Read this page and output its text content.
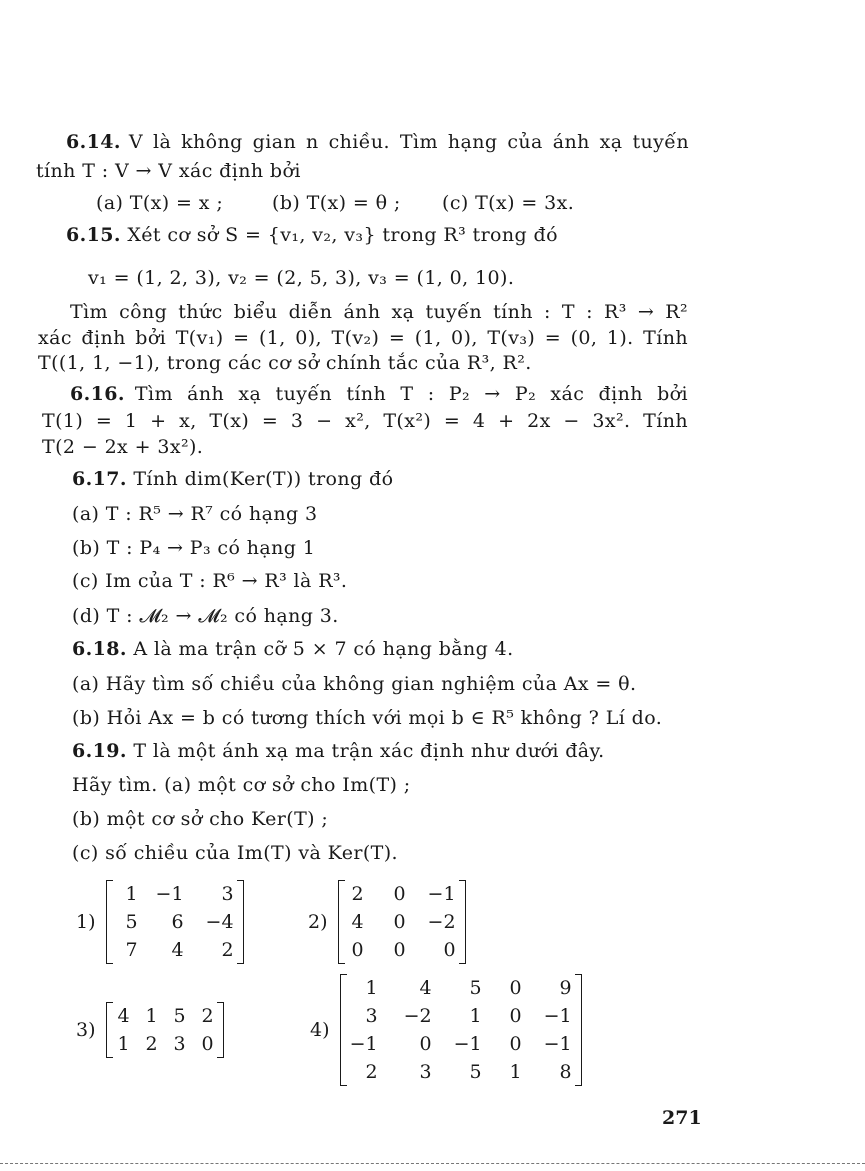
6.14. V là không gian n chiều. Tìm hạng của ánh xạ tuyến
tính T : V → V xác định bởi
(a) T(x) = x ;	(b) T(x) = θ ; (c) T(x) = 3x.
6.15. Xét cơ sở S = {v₁, v₂, v₃} trong R³ trong đó
v₁ = (1, 2, 3), v₂ = (2, 5, 3), v₃ = (1, 0, 10).
Tìm công thức biểu diễn ánh xạ tuyến tính : T : R³ → R²
xác định bởi T(v₁) = (1, 0), T(v₂) = (1, 0), T(v₃) = (0, 1). Tính
T((1, 1, −1), trong các cơ sở chính tắc của R³, R².
6.16. Tìm ánh xạ tuyến tính T : P₂ → P₂ xác định bởi
T(1) = 1 + x, T(x) = 3 − x², T(x²) = 4 + 2x − 3x². Tính
T(2 − 2x + 3x²).
6.17. Tính dim(Ker(T)) trong đó
(a) T : R⁵ → R⁷ có hạng 3
(b) T : P₄ → P₃ có hạng 1
(c) Im của T : R⁶ → R³ là R³.
(d) T : 𝓜₂ → 𝓜₂ có hạng 3.
6.18. A là ma trận cỡ 5 × 7 có hạng bằng 4.
(a) Hãy tìm số chiều của không gian nghiệm của Ax = θ.
(b) Hỏi Ax = b có tương thích với mọi b ∈ R⁵ không ? Lí do.
6.19. T là một ánh xạ ma trận xác định như dưới đây.
Hãy tìm. (a) một cơ sở cho Im(T) ;
(b) một cơ sở cho Ker(T) ;
(c) số chiều của Im(T) và Ker(T).
1)
1	−1	3
5	6	−4
7	4	2
2)
2	0	−1
4	0	−2
0	0	0
3)
4	1	5	2
1	2	3	0
4)
1	4	5	0	9
3	−2	1	0	−1
−1	0	−1	0	−1
2	3	5	1	8
271
